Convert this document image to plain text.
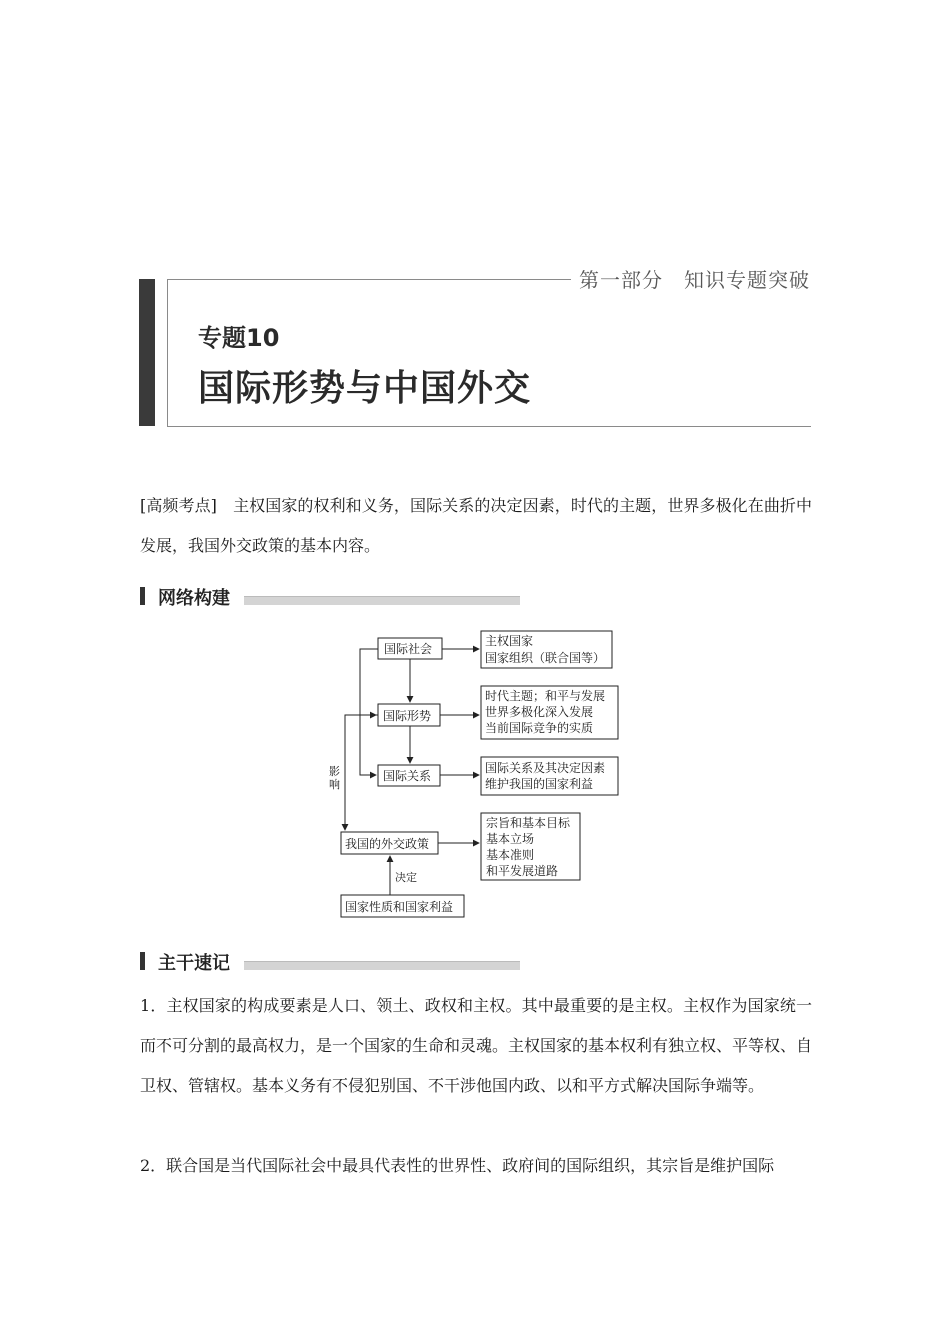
第一部分　知识专题突破
专题10
国际形势与中国外交
[高频考点]　主权国家的权利和义务，国际关系的决定因素，时代的主题，世界多极化在曲折中发展，我国外交政策的基本内容。
网络构建
国际社会
国际形势
国际关系
我国的外交政策
国家性质和国家利益
主权国家
国家组织（联合国等）
时代主题；和平与发展
世界多极化深入发展
当前国际竞争的实质
国际关系及其决定因素
维护我国的国家利益
宗旨和基本目标
基本立场
基本准则
和平发展道路
影
响
决定
主干速记
1．主权国家的构成要素是人口、领土、政权和主权。其中最重要的是主权。主权作为国家统一而不可分割的最高权力，是一个国家的生命和灵魂。主权国家的基本权利有独立权、平等权、自卫权、管辖权。基本义务有不侵犯别国、不干涉他国内政、以和平方式解决国际争端等。
2．联合国是当代国际社会中最具代表性的世界性、政府间的国际组织，其宗旨是维护国际
